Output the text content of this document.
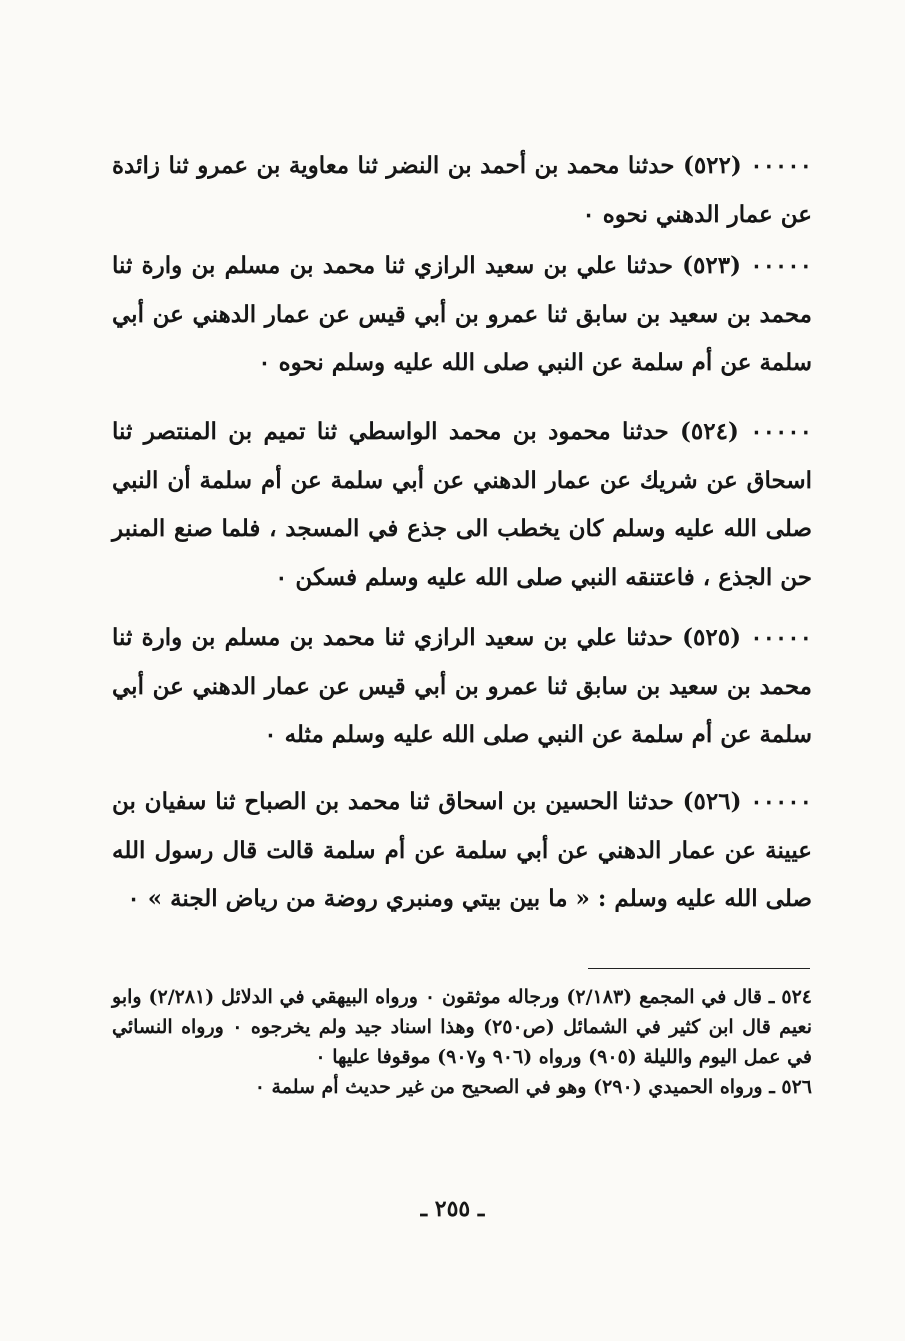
٠٠٠٠٠ (٥٢٢) حدثنا محمد بن أحمد بن النضر ثنا معاوية بن عمرو ثنا زائدة عن عمار الدهني نحوه ٠

٠٠٠٠٠ (٥٢٣) حدثنا علي بن سعيد الرازي ثنا محمد بن مسلم بن وارة ثنا محمد بن سعيد بن سابق ثنا عمرو بن أبي قيس عن عمار الدهني عن أبي سلمة عن أم سلمة عن النبي صلى الله عليه وسلم نحوه ٠

٠٠٠٠٠ (٥٢٤) حدثنا محمود بن محمد الواسطي ثنا تميم بن المنتصر ثنا اسحاق عن شريك عن عمار الدهني عن أبي سلمة عن أم سلمة أن النبي صلى الله عليه وسلم كان يخطب الى جذع في المسجد ، فلما صنع المنبر حن الجذع ، فاعتنقه النبي صلى الله عليه وسلم فسكن ٠

٠٠٠٠٠ (٥٢٥) حدثنا علي بن سعيد الرازي ثنا محمد بن مسلم بن وارة ثنا محمد بن سعيد بن سابق ثنا عمرو بن أبي قيس عن عمار الدهني عن أبي سلمة عن أم سلمة عن النبي صلى الله عليه وسلم مثله ٠

٠٠٠٠٠ (٥٢٦) حدثنا الحسين بن اسحاق ثنا محمد بن الصباح ثنا سفيان بن عيينة عن عمار الدهني عن أبي سلمة عن أم سلمة قالت قال رسول الله صلى الله عليه وسلم : « ما بين بيتي ومنبري روضة من رياض الجنة » ٠

٥٢٤ ـ قال في المجمع (٢/١٨٣) ورجاله موثقون ٠ ورواه البيهقي في الدلائل (٢/٢٨١) وابو نعيم قال ابن كثير في الشمائل (ص٢٥٠) وهذا اسناد جيد ولم يخرجوه ٠ ورواه النسائي في عمل اليوم والليلة (٩٠٥) ورواه (٩٠٦ و٩٠٧) موقوفا عليها ٠

٥٢٦ ـ ورواه الحميدي (٢٩٠) وهو في الصحيح من غير حديث أم سلمة ٠

ـ ٢٥٥ ـ
